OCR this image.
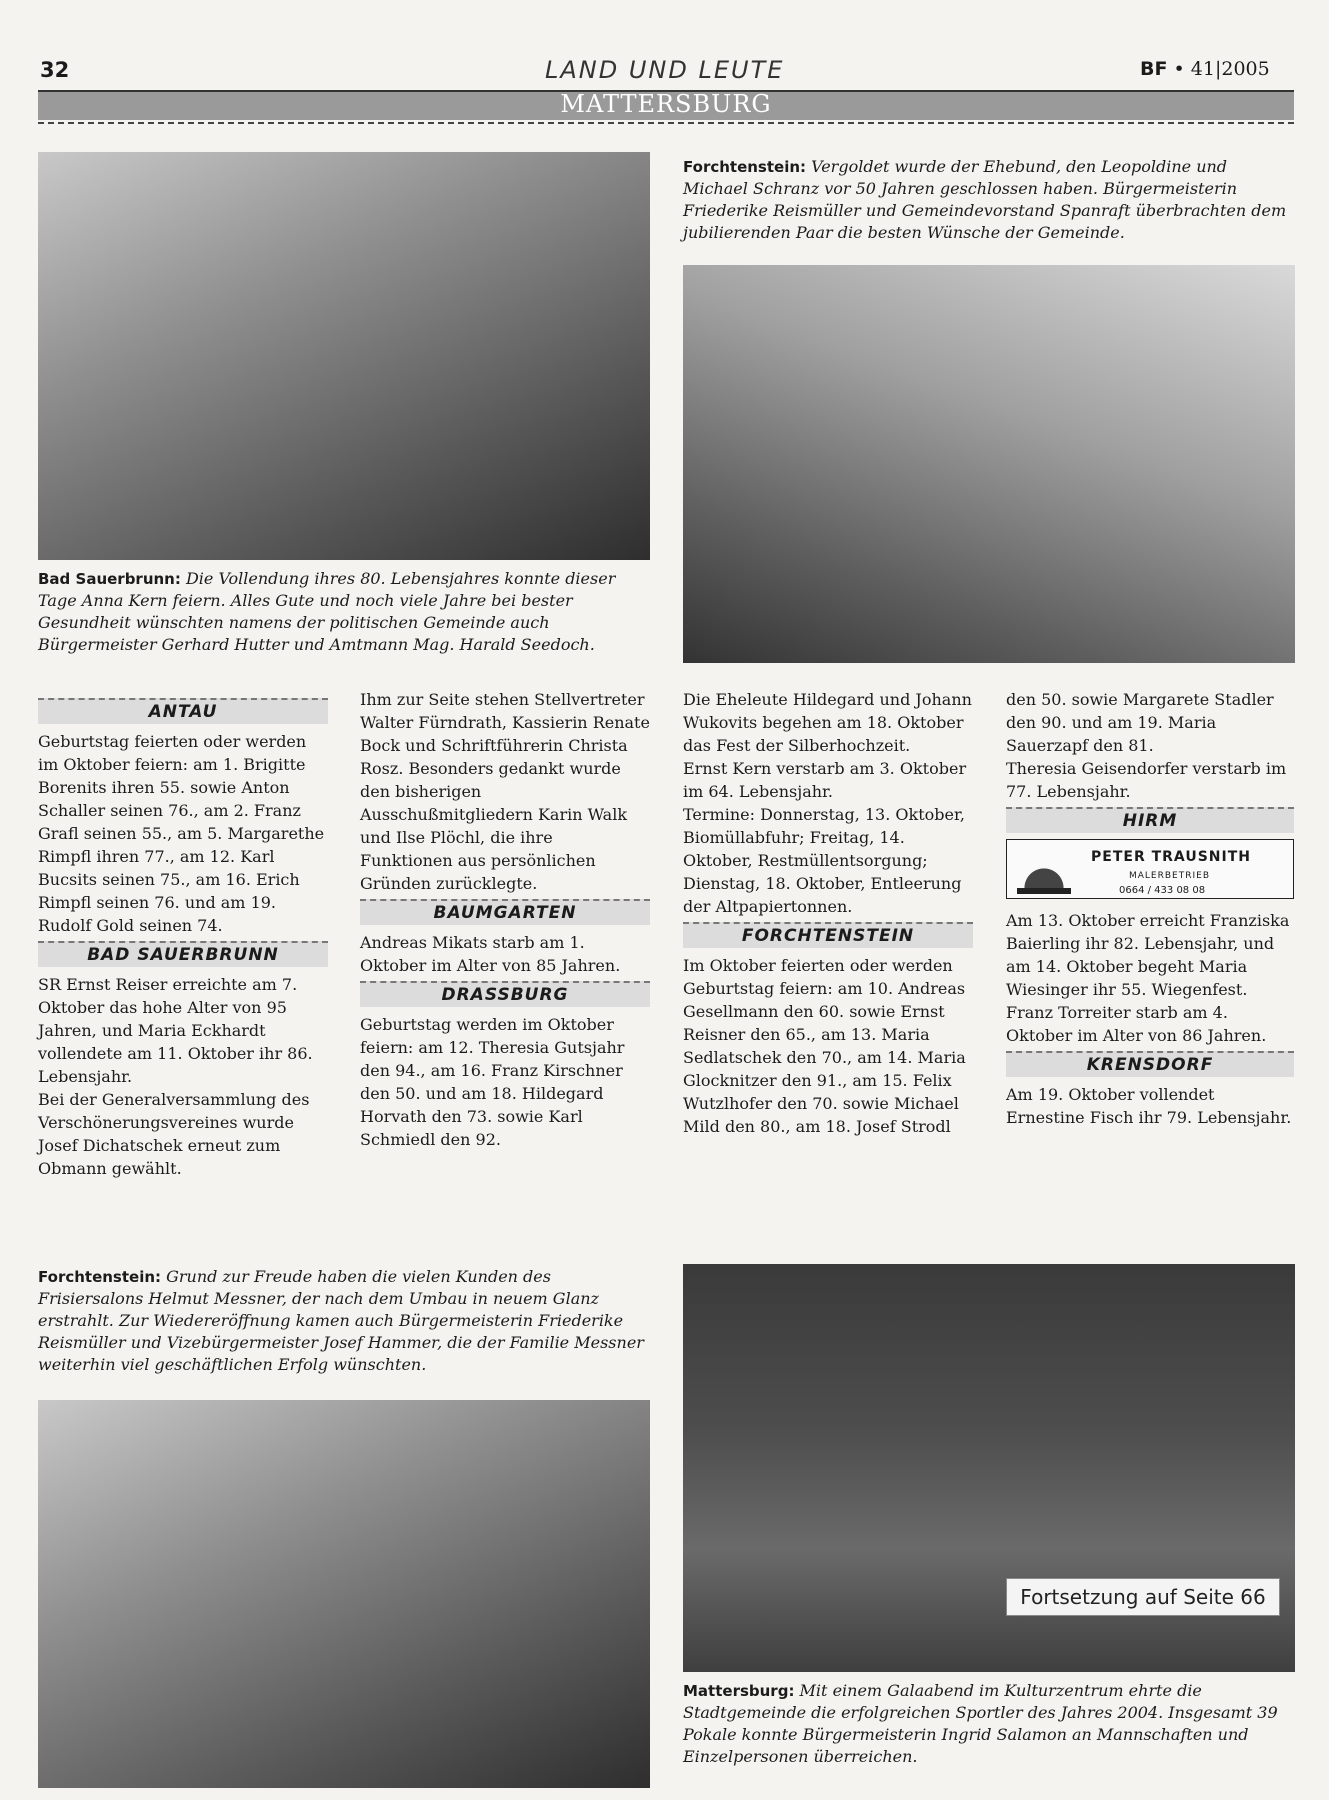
32	LAND UND LEUTE	BF • 41|2005
MATTERSBURG
Forchtenstein: Vergoldet wurde der Ehebund, den Leopoldine und Michael Schranz vor 50 Jahren geschlossen haben. Bürgermeisterin Friederike Reismüller und Gemeindevorstand Spanraft überbrachten dem jubilierenden Paar die besten Wünsche der Gemeinde.
Bad Sauerbrunn: Die Vollendung ihres 80. Lebensjahres konnte dieser Tage Anna Kern feiern. Alles Gute und noch viele Jahre bei bester Gesundheit wünschten namens der politischen Gemeinde auch Bürgermeister Gerhard Hutter und Amtmann Mag. Harald Seedoch.
ANTAU

Geburtstag feierten oder werden im Oktober feiern: am 1. Brigitte Borenits ihren 55. sowie Anton Schaller seinen 76., am 2. Franz Grafl seinen 55., am 5. Margarethe Rimpfl ihren 77., am 12. Karl Bucsits seinen 75., am 16. Erich Rimpfl seinen 76. und am 19. Rudolf Gold seinen 74.

BAD SAUERBRUNN

SR Ernst Reiser erreichte am 7. Oktober das hohe Alter von 95 Jahren, und Maria Eckhardt vollendete am 11. Oktober ihr 86. Lebensjahr.

Bei der Generalversammlung des Verschönerungsvereines wurde Josef Dichatschek erneut zum Obmann gewählt.

Ihm zur Seite stehen Stellvertreter Walter Fürndrath, Kassierin Renate Bock und Schriftführerin Christa Rosz. Besonders gedankt wurde den bisherigen Ausschußmitgliedern Karin Walk und Ilse Plöchl, die ihre Funktionen aus persönlichen Gründen zurücklegte.

BAUMGARTEN

Andreas Mikats starb am 1. Oktober im Alter von 85 Jahren.

DRASSBURG

Geburtstag werden im Oktober feiern: am 12. Theresia Gutsjahr den 94., am 16. Franz Kirschner den 50. und am 18. Hildegard Horvath den 73. sowie Karl Schmiedl den 92.

Die Eheleute Hildegard und Johann Wukovits begehen am 18. Oktober das Fest der Silberhochzeit.

Ernst Kern verstarb am 3. Oktober im 64. Lebensjahr.

Termine: Donnerstag, 13. Oktober, Biomüllabfuhr; Freitag, 14. Oktober, Restmüllentsorgung; Dienstag, 18. Oktober, Entleerung der Altpapiertonnen.

FORCHTENSTEIN

Im Oktober feierten oder werden Geburtstag feiern: am 10. Andreas Gesellmann den 60. sowie Ernst Reisner den 65., am 13. Maria Sedlatschek den 70., am 14. Maria Glocknitzer den 91., am 15. Felix Wutzlhofer den 70. sowie Michael Mild den 80., am 18. Josef Strodl

den 50. sowie Margarete Stadler den 90. und am 19. Maria Sauerzapf den 81.

Theresia Geisendorfer verstarb im 77. Lebensjahr.

HIRM
PETER TRAUSNITH
MALERBETRIEB
0664 / 433 08 08

Am 13. Oktober erreicht Franziska Baierling ihr 82. Lebensjahr, und am 14. Oktober begeht Maria Wiesinger ihr 55. Wiegenfest.

Franz Torreiter starb am 4. Oktober im Alter von 86 Jahren.

KRENSDORF

Am 19. Oktober vollendet Ernestine Fisch ihr 79. Lebensjahr.

Forchtenstein: Grund zur Freude haben die vielen Kunden des Frisiersalons Helmut Messner, der nach dem Umbau in neuem Glanz erstrahlt. Zur Wiedereröffnung kamen auch Bürgermeisterin Friederike Reismüller und Vizebürgermeister Josef Hammer, die der Familie Messner weiterhin viel geschäftlichen Erfolg wünschten.
Fortsetzung auf Seite 66
Mattersburg: Mit einem Galaabend im Kulturzentrum ehrte die Stadtgemeinde die erfolgreichen Sportler des Jahres 2004. Insgesamt 39 Pokale konnte Bürgermeisterin Ingrid Salamon an Mannschaften und Einzelpersonen überreichen.
